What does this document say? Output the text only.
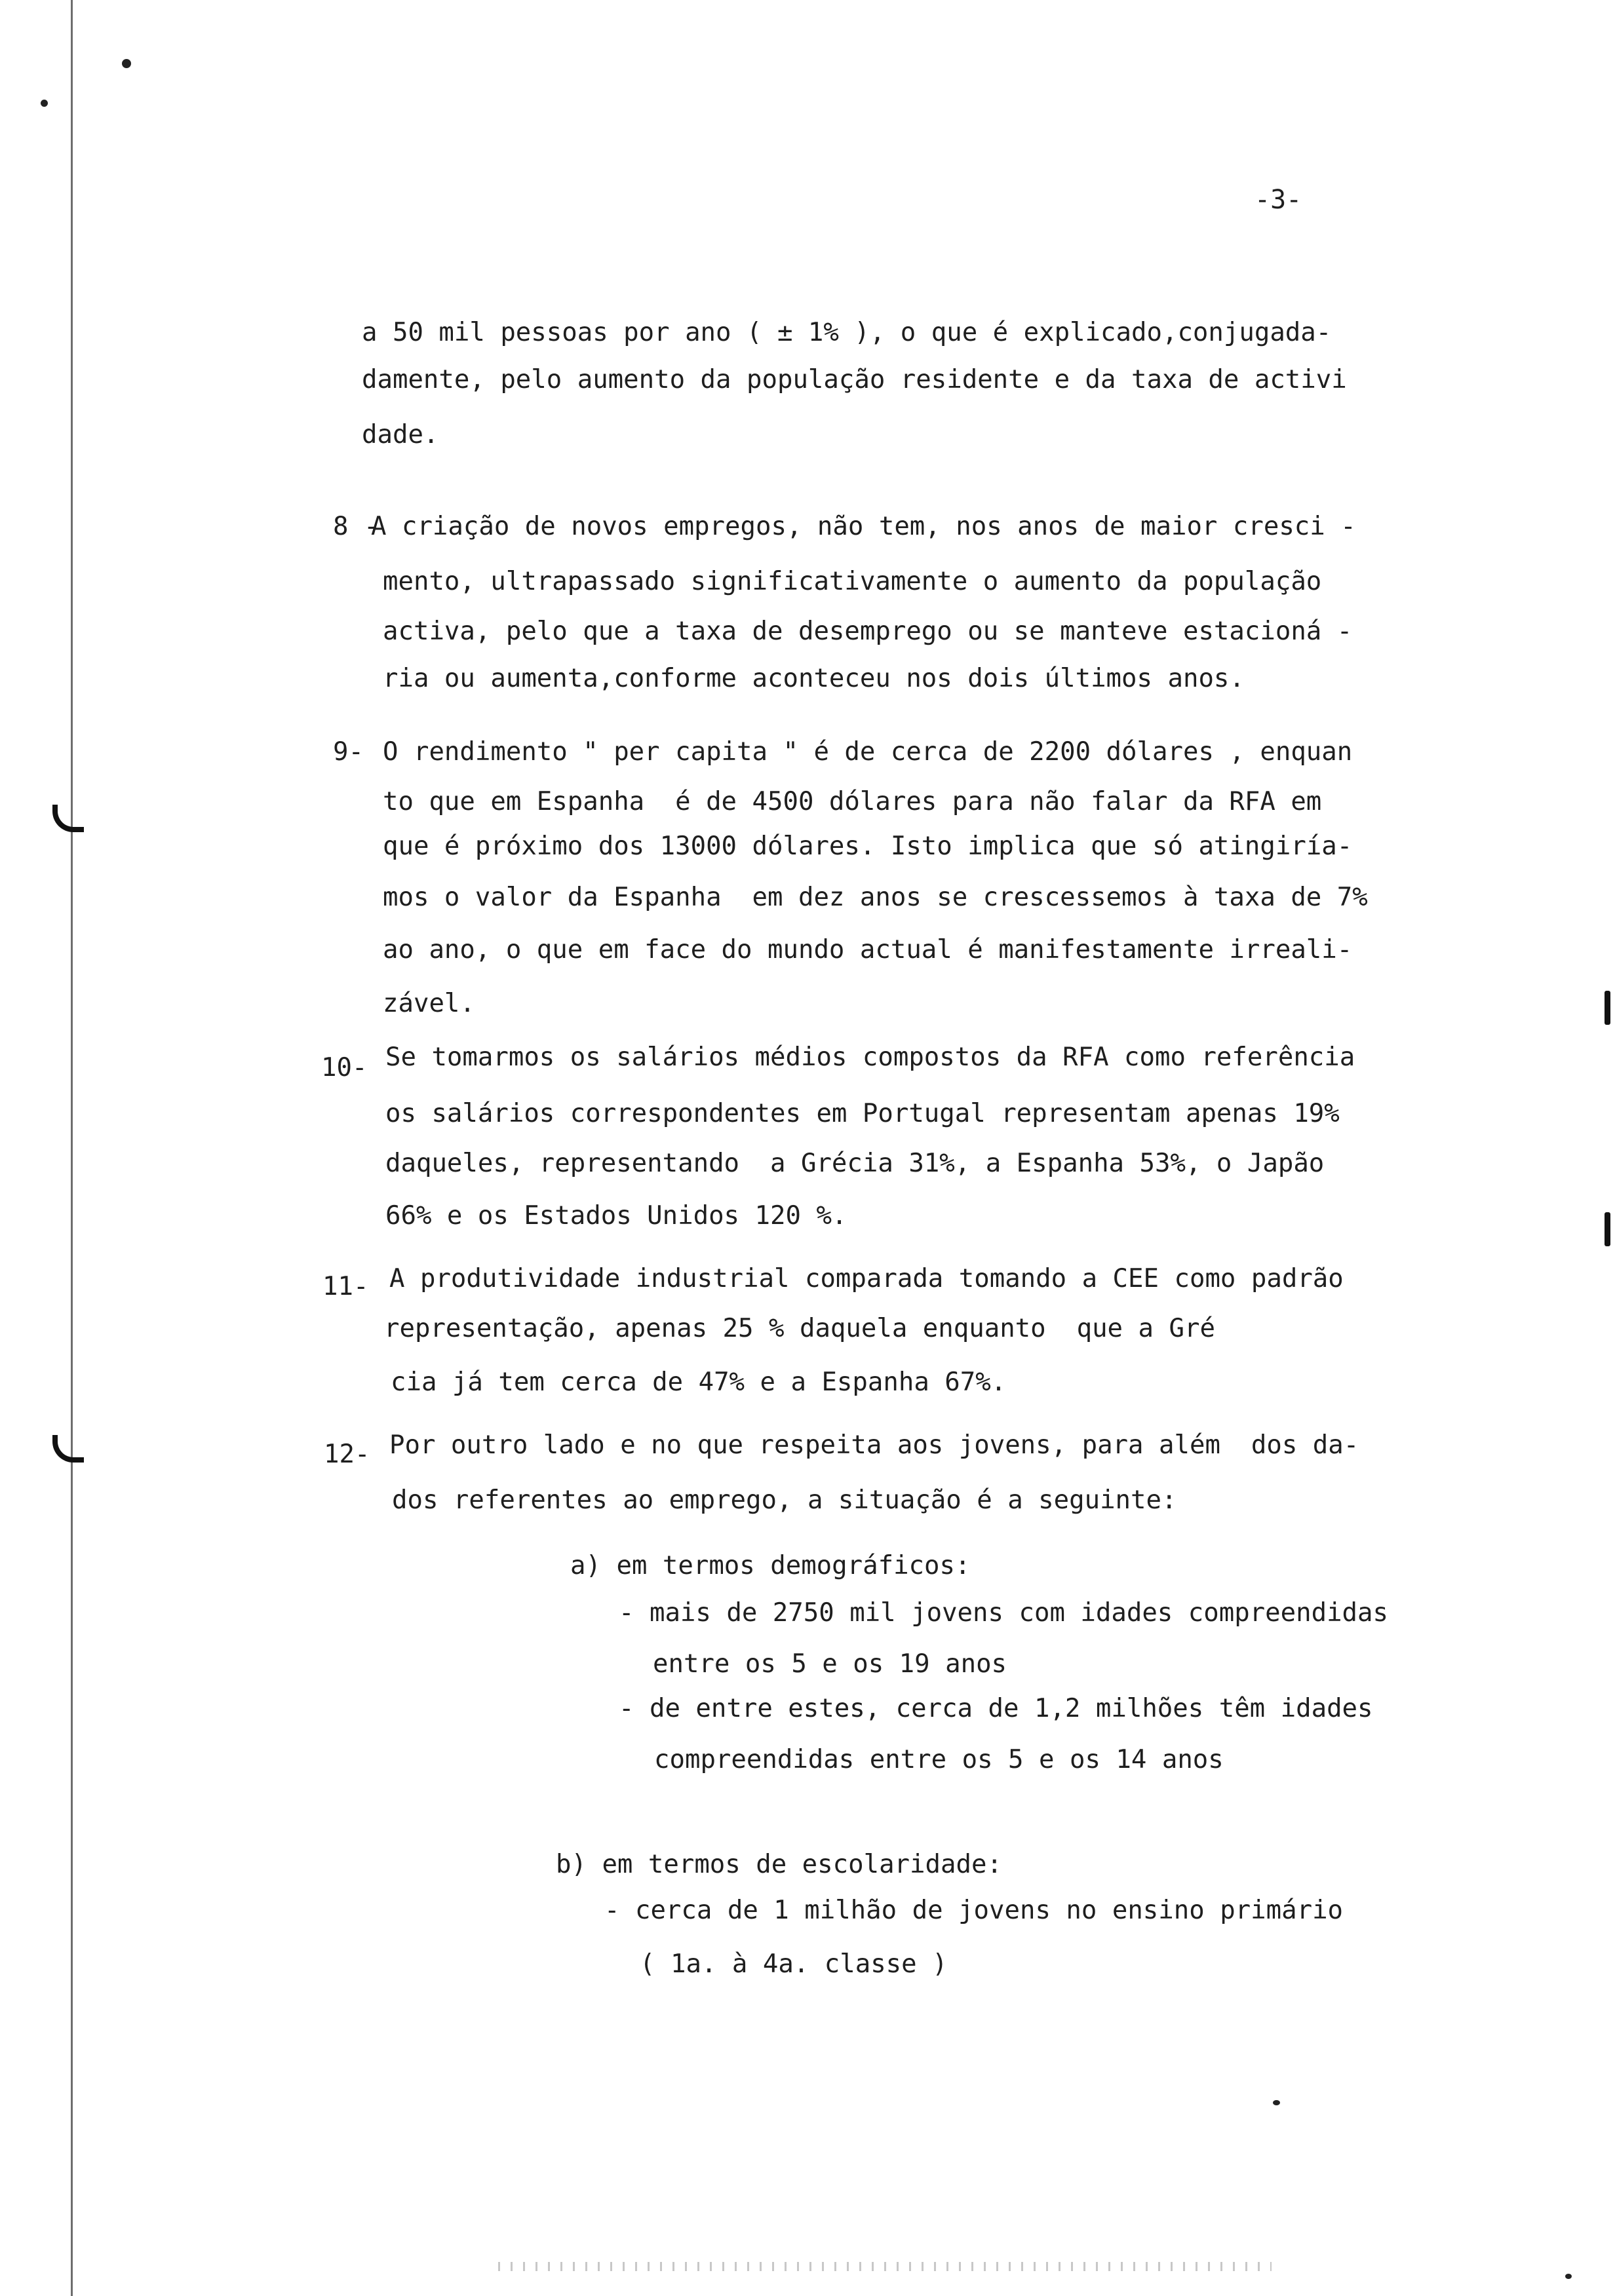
-3-
a 50 mil pessoas por ano ( ± 1% ), o que é explicado,conjugada-
damente, pelo aumento da população residente e da taxa de activi
dade.
8 -
A criação de novos empregos, não tem, nos anos de maior cresci -
mento, ultrapassado significativamente o aumento da população
activa, pelo que a taxa de desemprego ou se manteve estacioná -
ria ou aumenta,conforme aconteceu nos dois últimos anos.
9- O rendimento " per capita " é de cerca de 2200 dólares , enquan
to que em Espanha  é de 4500 dólares para não falar da RFA em
que é próximo dos 13000 dólares. Isto implica que só atingiría-
mos o valor da Espanha  em dez anos se crescessemos à taxa de 7%
ao ano, o que em face do mundo actual é manifestamente irreali-
zável.
10- Se tomarmos os salários médios compostos da RFA como referência
os salários correspondentes em Portugal representam apenas 19%
daqueles, representando  a Grécia 31%, a Espanha 53%, o Japão
66% e os Estados Unidos 120 %.
11- A produtividade industrial comparada tomando a CEE como padrão
representação, apenas 25 % daquela enquanto  que a Gré
cia já tem cerca de 47% e a Espanha 67%.
12- Por outro lado e no que respeita aos jovens, para além  dos da-
dos referentes ao emprego, a situação é a seguinte:
a) em termos demográficos:
- mais de 2750 mil jovens com idades compreendidas
entre os 5 e os 19 anos
- de entre estes, cerca de 1,2 milhões têm idades
compreendidas entre os 5 e os 14 anos
b) em termos de escolaridade:
- cerca de 1 milhão de jovens no ensino primário
( 1a. à 4a. classe )
